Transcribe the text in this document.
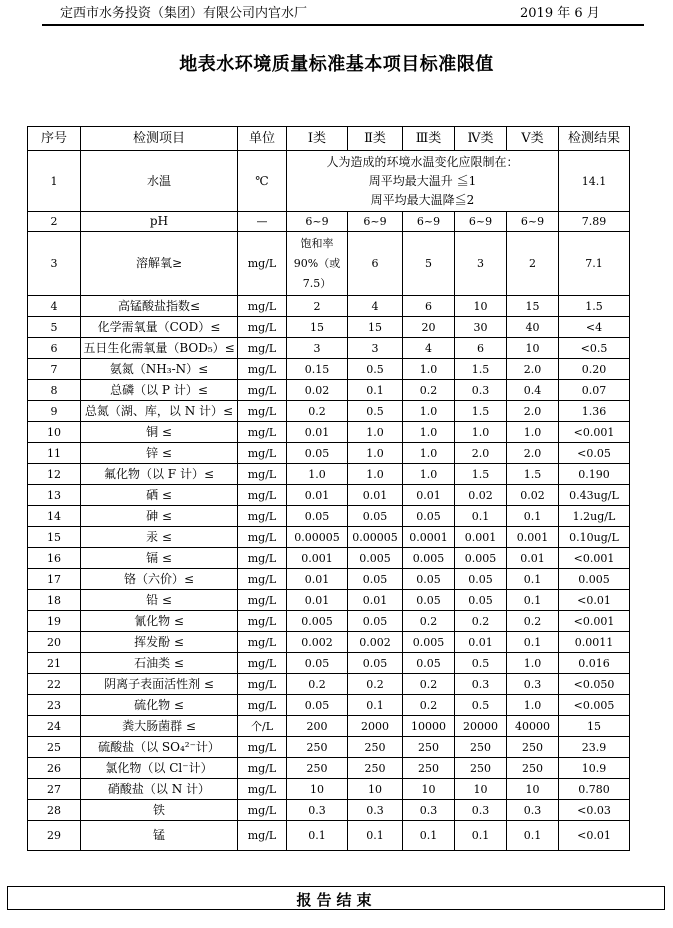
定西市水务投资（集团）有限公司内官水厂	2019 年 6 月
地表水环境质量标准基本项目标准限值
序号	检测项目	单位	Ⅰ类	Ⅱ类	Ⅲ类	Ⅳ类	Ⅴ类	检测结果
1	水温	℃	人为造成的环境水温变化应限制在：
周平均最大温升 ≦1
周平均最大温降≦2					14.1
2	pH	—	6~9	6~9	6~9	6~9	6~9	7.89
3	溶解氧≥	mg/L	饱和率90%（或7.5）	6	5	3	2	7.1
4	高锰酸盐指数≤	mg/L	2	4	6	10	15	1.5
5	化学需氧量（COD）≤	mg/L	15	15	20	30	40	<4
6	五日生化需氧量（BOD₅）≤	mg/L	3	3	4	6	10	<0.5
7	氨氮（NH₃-N）≤	mg/L	0.15	0.5	1.0	1.5	2.0	0.20
8	总磷（以 P 计）≤	mg/L	0.02	0.1	0.2	0.3	0.4	0.07
9	总氮（湖、库，以 N 计）≤	mg/L	0.2	0.5	1.0	1.5	2.0	1.36
10	铜 ≤	mg/L	0.01	1.0	1.0	1.0	1.0	<0.001
11	锌 ≤	mg/L	0.05	1.0	1.0	2.0	2.0	<0.05
12	氟化物（以 F 计）≤	mg/L	1.0	1.0	1.0	1.5	1.5	0.190
13	硒 ≤	mg/L	0.01	0.01	0.01	0.02	0.02	0.43ug/L
14	砷 ≤	mg/L	0.05	0.05	0.05	0.1	0.1	1.2ug/L
15	汞 ≤	mg/L	0.00005	0.00005	0.0001	0.001	0.001	0.10ug/L
16	镉 ≤	mg/L	0.001	0.005	0.005	0.005	0.01	<0.001
17	铬（六价）≤	mg/L	0.01	0.05	0.05	0.05	0.1	0.005
18	铅 ≤	mg/L	0.01	0.01	0.05	0.05	0.1	<0.01
19	氰化物 ≤	mg/L	0.005	0.05	0.2	0.2	0.2	<0.001
20	挥发酚 ≤	mg/L	0.002	0.002	0.005	0.01	0.1	0.0011
21	石油类 ≤	mg/L	0.05	0.05	0.05	0.5	1.0	0.016
22	阴离子表面活性剂 ≤	mg/L	0.2	0.2	0.2	0.3	0.3	<0.050
23	硫化物 ≤	mg/L	0.05	0.1	0.2	0.5	1.0	<0.005
24	粪大肠菌群 ≤	个/L	200	2000	10000	20000	40000	15
25	硫酸盐（以 SO₄²⁻计）	mg/L	250	250	250	250	250	23.9
26	氯化物（以 Cl⁻计）	mg/L	250	250	250	250	250	10.9
27	硝酸盐（以 N 计）	mg/L	10	10	10	10	10	0.780
28	铁	mg/L	0.3	0.3	0.3	0.3	0.3	<0.03
29	锰	mg/L	0.1	0.1	0.1	0.1	0.1	<0.01
报告结束
